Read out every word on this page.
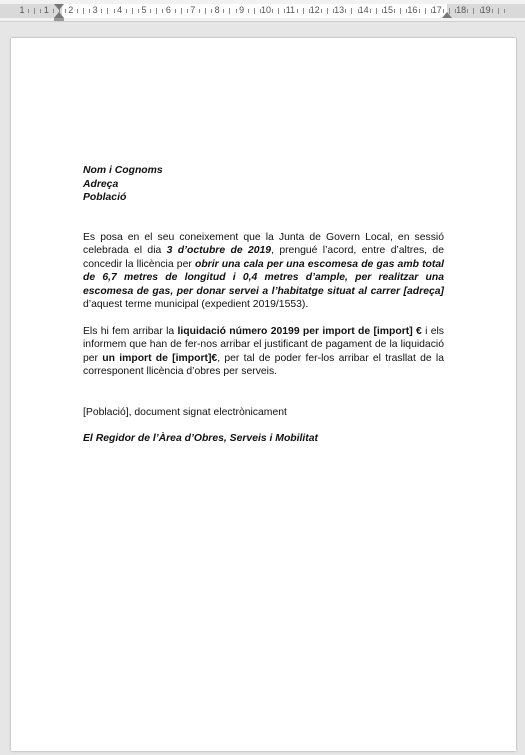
1 1 2 3 4 5 6 7 8 9 10 11 12 13 14 15 16 17 18 19

Nom i Cognoms

Adreça

Població

Es posa en el seu coneixement que la Junta de Govern Local, en sessió celebrada el dia 3 d’octubre de 2019, prengué l’acord, entre d’altres, de concedir la llicència per obrir una cala per una escomesa de gas amb total de 6,7 metres de longitud i 0,4 metres d’ample, per realitzar una escomesa de gas, per donar servei a l’habitatge situat al carrer [adreça] d’aquest terme municipal (expedient 2019/1553).

Els hi fem arribar la liquidació número 20199 per import de [import] € i els informem que han de fer-nos arribar el justificant de pagament de la liquidació per un import de [import]€, per tal de poder fer-los arribar el trasllat de la corresponent llicència d’obres per serveis.

[Població], document signat electrònicament

El Regidor de l’Àrea d’Obres, Serveis i Mobilitat
